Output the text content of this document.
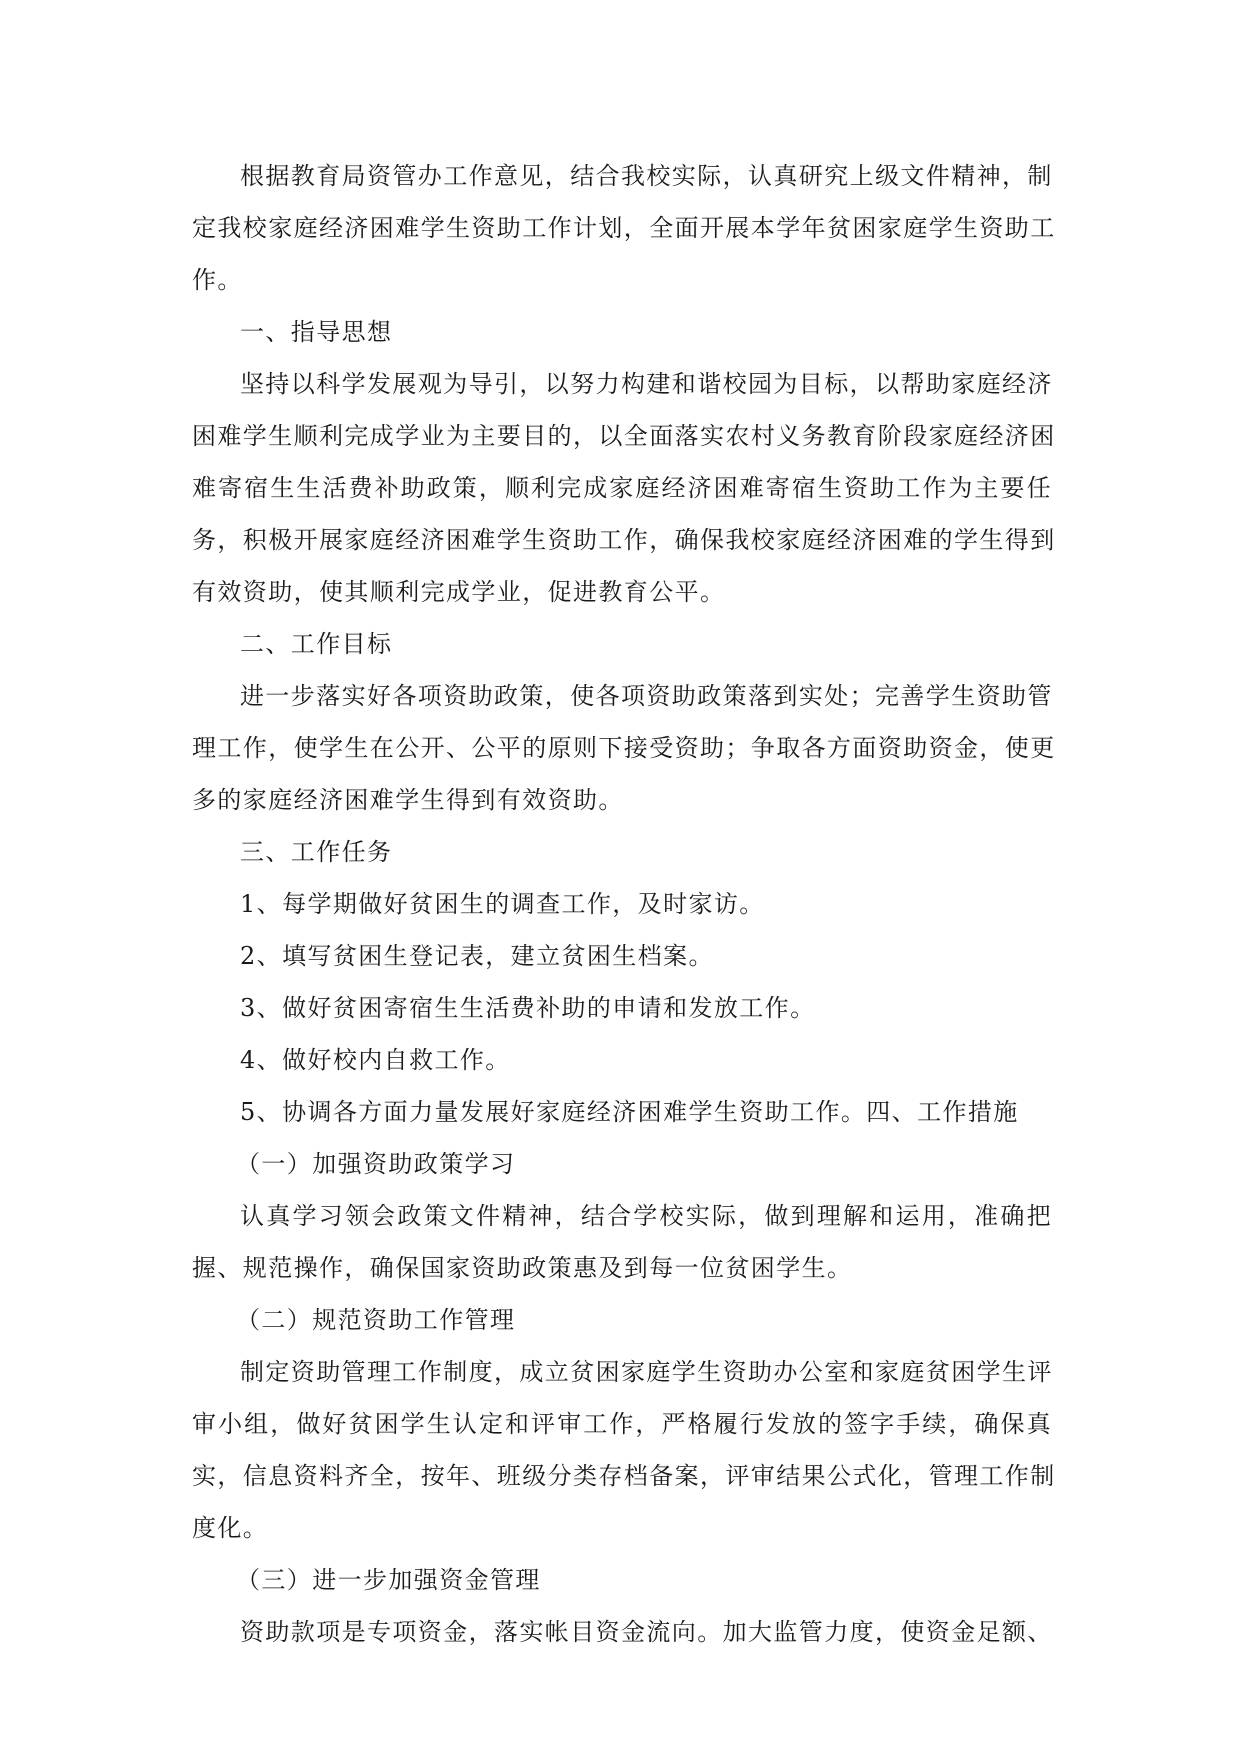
根据教育局资管办工作意见，结合我校实际，认真研究上级文件精神，制
定我校家庭经济困难学生资助工作计划，全面开展本学年贫困家庭学生资助工
作。
一、指导思想
坚持以科学发展观为导引，以努力构建和谐校园为目标，以帮助家庭经济
困难学生顺利完成学业为主要目的，以全面落实农村义务教育阶段家庭经济困
难寄宿生生活费补助政策，顺利完成家庭经济困难寄宿生资助工作为主要任
务，积极开展家庭经济困难学生资助工作，确保我校家庭经济困难的学生得到
有效资助，使其顺利完成学业，促进教育公平。
二、工作目标
进一步落实好各项资助政策，使各项资助政策落到实处；完善学生资助管
理工作，使学生在公开、公平的原则下接受资助；争取各方面资助资金，使更
多的家庭经济困难学生得到有效资助。
三、工作任务
1、每学期做好贫困生的调查工作，及时家访。
2、填写贫困生登记表，建立贫困生档案。
3、做好贫困寄宿生生活费补助的申请和发放工作。
4、做好校内自救工作。
5、协调各方面力量发展好家庭经济困难学生资助工作。四、工作措施
（一）加强资助政策学习
认真学习领会政策文件精神，结合学校实际，做到理解和运用，准确把
握、规范操作，确保国家资助政策惠及到每一位贫困学生。
（二）规范资助工作管理
制定资助管理工作制度，成立贫困家庭学生资助办公室和家庭贫困学生评
审小组，做好贫困学生认定和评审工作，严格履行发放的签字手续，确保真
实，信息资料齐全，按年、班级分类存档备案，评审结果公式化，管理工作制
度化。
（三）进一步加强资金管理
资助款项是专项资金，落实帐目资金流向。加大监管力度，使资金足额、
